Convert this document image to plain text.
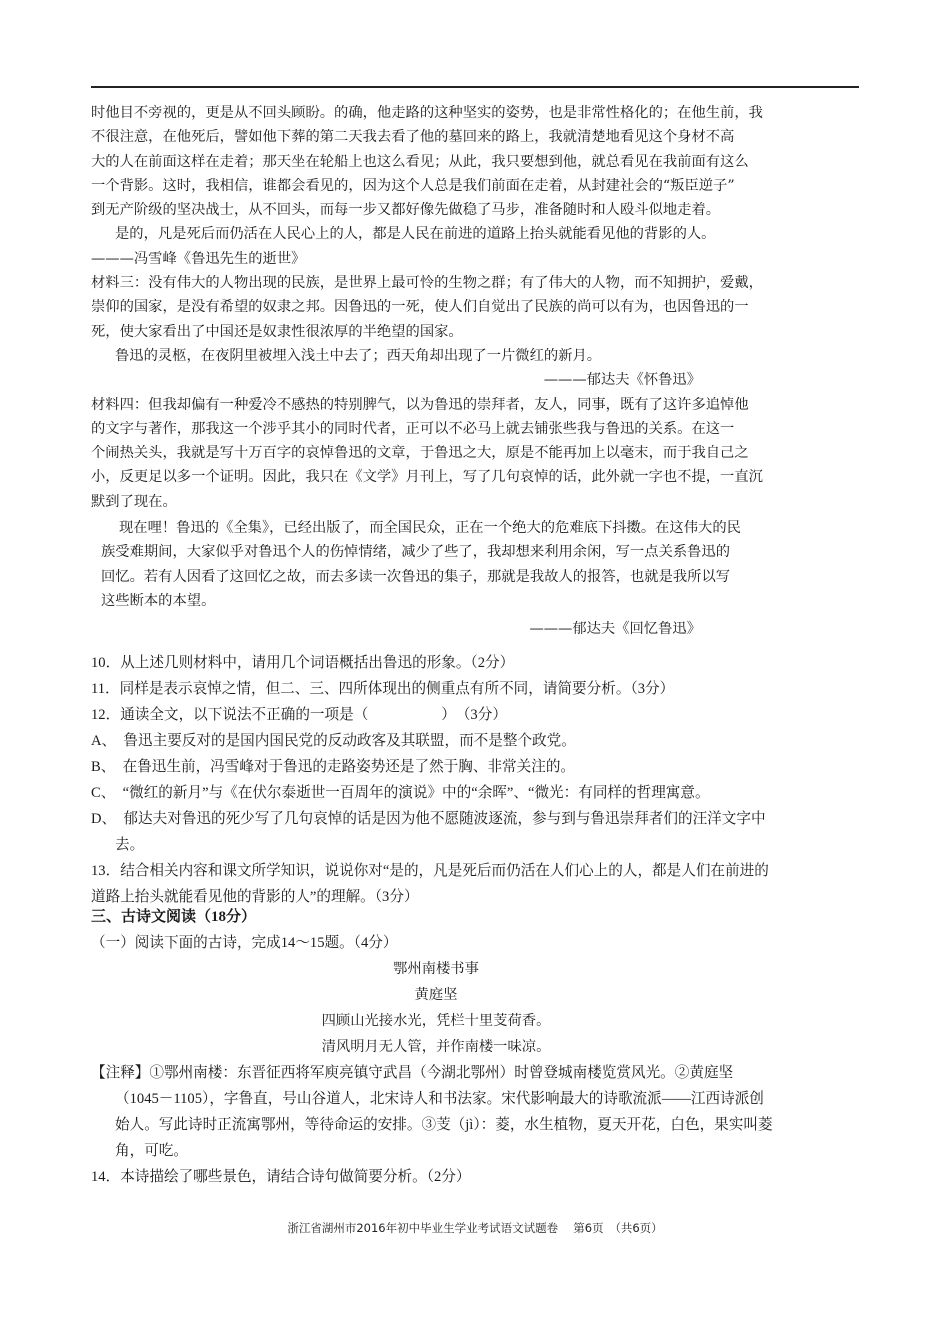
时他目不旁视的，更是从不回头顾盼。的确，他走路的这种坚实的姿势，也是非常性格化的；在他生前，我
不很注意，在他死后，譬如他下葬的第二天我去看了他的墓回来的路上，我就清楚地看见这个身材不高
大的人在前面这样在走着；那天坐在轮船上也这么看见；从此，我只要想到他，就总看见在我前面有这么
一个背影。这时，我相信，谁都会看见的，因为这个人总是我们前面在走着，从封建社会的“叛臣逆子”
到无产阶级的坚决战士，从不回头，而每一步又都好像先做稳了马步，准备随时和人殴斗似地走着。
是的，凡是死后而仍活在人民心上的人，都是人民在前进的道路上抬头就能看见他的背影的人。
———冯雪峰《鲁迅先生的逝世》
材料三：没有伟大的人物出现的民族，是世界上最可怜的生物之群；有了伟大的人物，而不知拥护，爱戴，
崇仰的国家，是没有希望的奴隶之邦。因鲁迅的一死，使人们自觉出了民族的尚可以有为，也因鲁迅的一
死，使大家看出了中国还是奴隶性很浓厚的半绝望的国家。
鲁迅的灵柩，在夜阴里被埋入浅土中去了；西天角却出现了一片微红的新月。
———郁达夫《怀鲁迅》
材料四：但我却偏有一种爱冷不感热的特别脾气，以为鲁迅的崇拜者，友人，同事，既有了这许多追悼他
的文字与著作，那我这一个涉乎其小的同时代者，正可以不必马上就去铺张些我与鲁迅的关系。在这一
个闹热关头，我就是写十万百字的哀悼鲁迅的文章，于鲁迅之大，原是不能再加上以毫末，而于我自己之
小，反更足以多一个证明。因此，我只在《文学》月刊上，写了几句哀悼的话，此外就一字也不提，一直沉
默到了现在。
现在哩！鲁迅的《全集》，已经出版了，而全国民众，正在一个绝大的危难底下抖擞。在这伟大的民
族受难期间，大家似乎对鲁迅个人的伤悼情绪，减少了些了，我却想来利用余闲，写一点关系鲁迅的
回忆。若有人因看了这回忆之故，而去多读一次鲁迅的集子，那就是我故人的报答，也就是我所以写
这些断本的本望。
———郁达夫《回忆鲁迅》
10．从上述几则材料中，请用几个词语概括出鲁迅的形象。（2分）
11．同样是表示哀悼之情，但二、三、四所体现出的侧重点有所不同，请简要分析。（3分）
12．通读全文，以下说法不正确的一项是（　　　　　）　（3分）
A、　鲁迅主要反对的是国内国民党的反动政客及其联盟，而不是整个政党。
B、　在鲁迅生前，冯雪峰对于鲁迅的走路姿势还是了然于胸、非常关注的。
C、　“微红的新月”与《在伏尔泰逝世一百周年的演说》中的“余晖”、“微光：有同样的哲理寓意。
D、　郁达夫对鲁迅的死少写了几句哀悼的话是因为他不愿随波逐流，参与到与鲁迅崇拜者们的汪洋文字中
去。
13．结合相关内容和课文所学知识，说说你对“是的，凡是死后而仍活在人们心上的人，都是人们在前进的
道路上抬头就能看见他的背影的人”的理解。（3分）
三、古诗文阅读（18分）
（一）阅读下面的古诗，完成14～15题。（4分）
鄂州南楼书事
黄庭坚
四顾山光接水光，凭栏十里芰荷香。
清风明月无人管，并作南楼一味凉。
【注释】①鄂州南楼：东晋征西将军庾亮镇守武昌（今湖北鄂州）时曾登城南楼览赏风光。②黄庭坚
（1045－1105），字鲁直，号山谷道人，北宋诗人和书法家。宋代影响最大的诗歌流派——江西诗派创
始人。写此诗时正流寓鄂州，等待命运的安排。③芰（jì）：菱，水生植物，夏天开花，白色，果实叫菱
角，可吃。
14．本诗描绘了哪些景色，请结合诗句做简要分析。（2分）
浙江省湖州市2016年初中毕业生学业考试语文试题卷　 第6页　（共6页）
